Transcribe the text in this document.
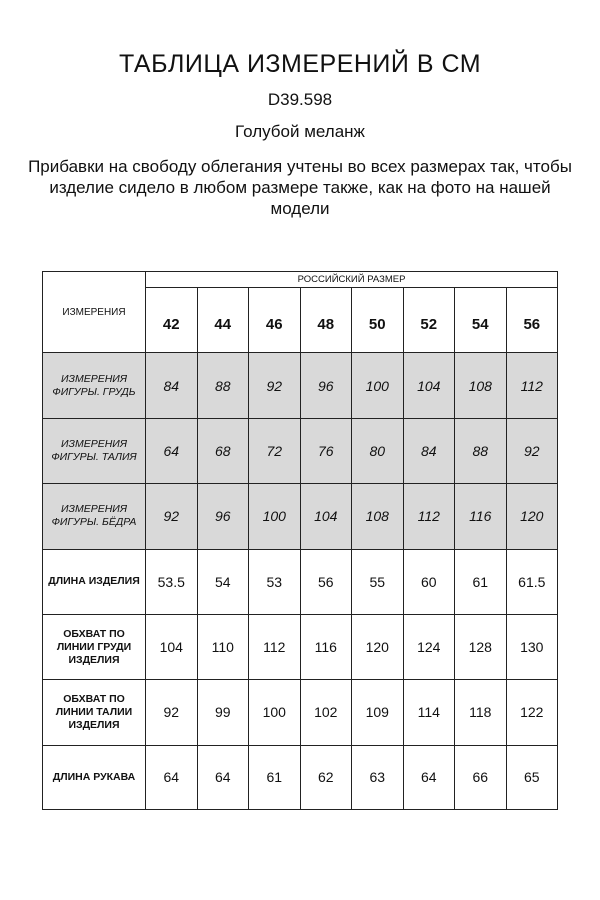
ТАБЛИЦА ИЗМЕРЕНИЙ В СМ
D39.598
Голубой меланж
Прибавки на свободу облегания учтены во всех размерах так, чтобы изделие сидело в любом размере также, как на фото на нашей модели
ИЗМЕРЕНИЯ	РОССИЙСКИЙ РАЗМЕР							
	42	44	46	48	50	52	54	56
ИЗМЕРЕНИЯ ФИГУРЫ. ГРУДЬ	84	88	92	96	100	104	108	112
ИЗМЕРЕНИЯ ФИГУРЫ. ТАЛИЯ	64	68	72	76	80	84	88	92
ИЗМЕРЕНИЯ ФИГУРЫ. БЁДРА	92	96	100	104	108	112	116	120
ДЛИНА ИЗДЕЛИЯ	53.5	54	53	56	55	60	61	61.5
ОБХВАТ ПО ЛИНИИ ГРУДИ ИЗДЕЛИЯ	104	110	112	116	120	124	128	130
ОБХВАТ ПО ЛИНИИ ТАЛИИ ИЗДЕЛИЯ	92	99	100	102	109	114	118	122
ДЛИНА РУКАВА	64	64	61	62	63	64	66	65
